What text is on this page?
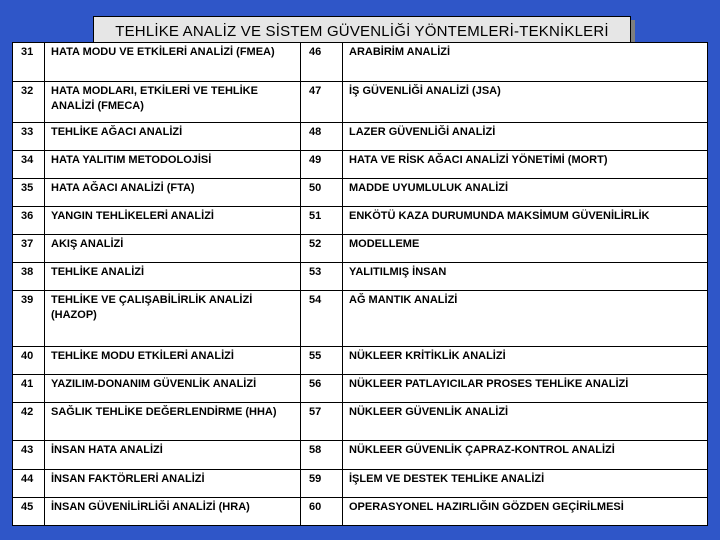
TEHLİKE ANALİZ VE SİSTEM GÜVENLİĞİ YÖNTEMLERİ-TEKNİKLERİ
31	HATA MODU VE ETKİLERİ ANALİZİ (FMEA)	46	ARABİRİM ANALİZİ
32	HATA MODLARI, ETKİLERİ VE TEHLİKE ANALİZİ (FMECA)	47	İŞ GÜVENLİĞİ ANALİZİ (JSA)
33	TEHLİKE AĞACI ANALİZİ	48	LAZER GÜVENLİĞİ ANALİZİ
34	HATA YALITIM METODOLOJİSİ	49	HATA VE RİSK AĞACI ANALİZİ YÖNETİMİ (MORT)
35	HATA AĞACI ANALİZİ (FTA)	50	MADDE UYUMLULUK ANALİZİ
36	YANGIN TEHLİKELERİ ANALİZİ	51	ENKÖTÜ KAZA DURUMUNDA MAKSİMUM GÜVENİLİRLİK
37	AKIŞ ANALİZİ	52	MODELLEME
38	TEHLİKE ANALİZİ	53	YALITILMIŞ İNSAN
39	TEHLİKE VE ÇALIŞABİLİRLİK ANALİZİ (HAZOP)	54	AĞ MANTIK ANALİZİ
40	TEHLİKE MODU ETKİLERİ ANALİZİ	55	NÜKLEER KRİTİKLİK ANALİZİ
41	YAZILIM-DONANIM GÜVENLİK ANALİZİ	56	NÜKLEER PATLAYICILAR PROSES TEHLİKE ANALİZİ
42	SAĞLIK TEHLİKE DEĞERLENDİRME (HHA)	57	NÜKLEER GÜVENLİK ANALİZİ
43	İNSAN HATA ANALİZİ	58	NÜKLEER GÜVENLİK ÇAPRAZ-KONTROL ANALİZİ
44	İNSAN FAKTÖRLERİ ANALİZİ	59	İŞLEM VE DESTEK TEHLİKE ANALİZİ
45	İNSAN GÜVENİLİRLİĞİ ANALİZİ (HRA)	60	OPERASYONEL HAZIRLIĞIN GÖZDEN GEÇİRİLMESİ
